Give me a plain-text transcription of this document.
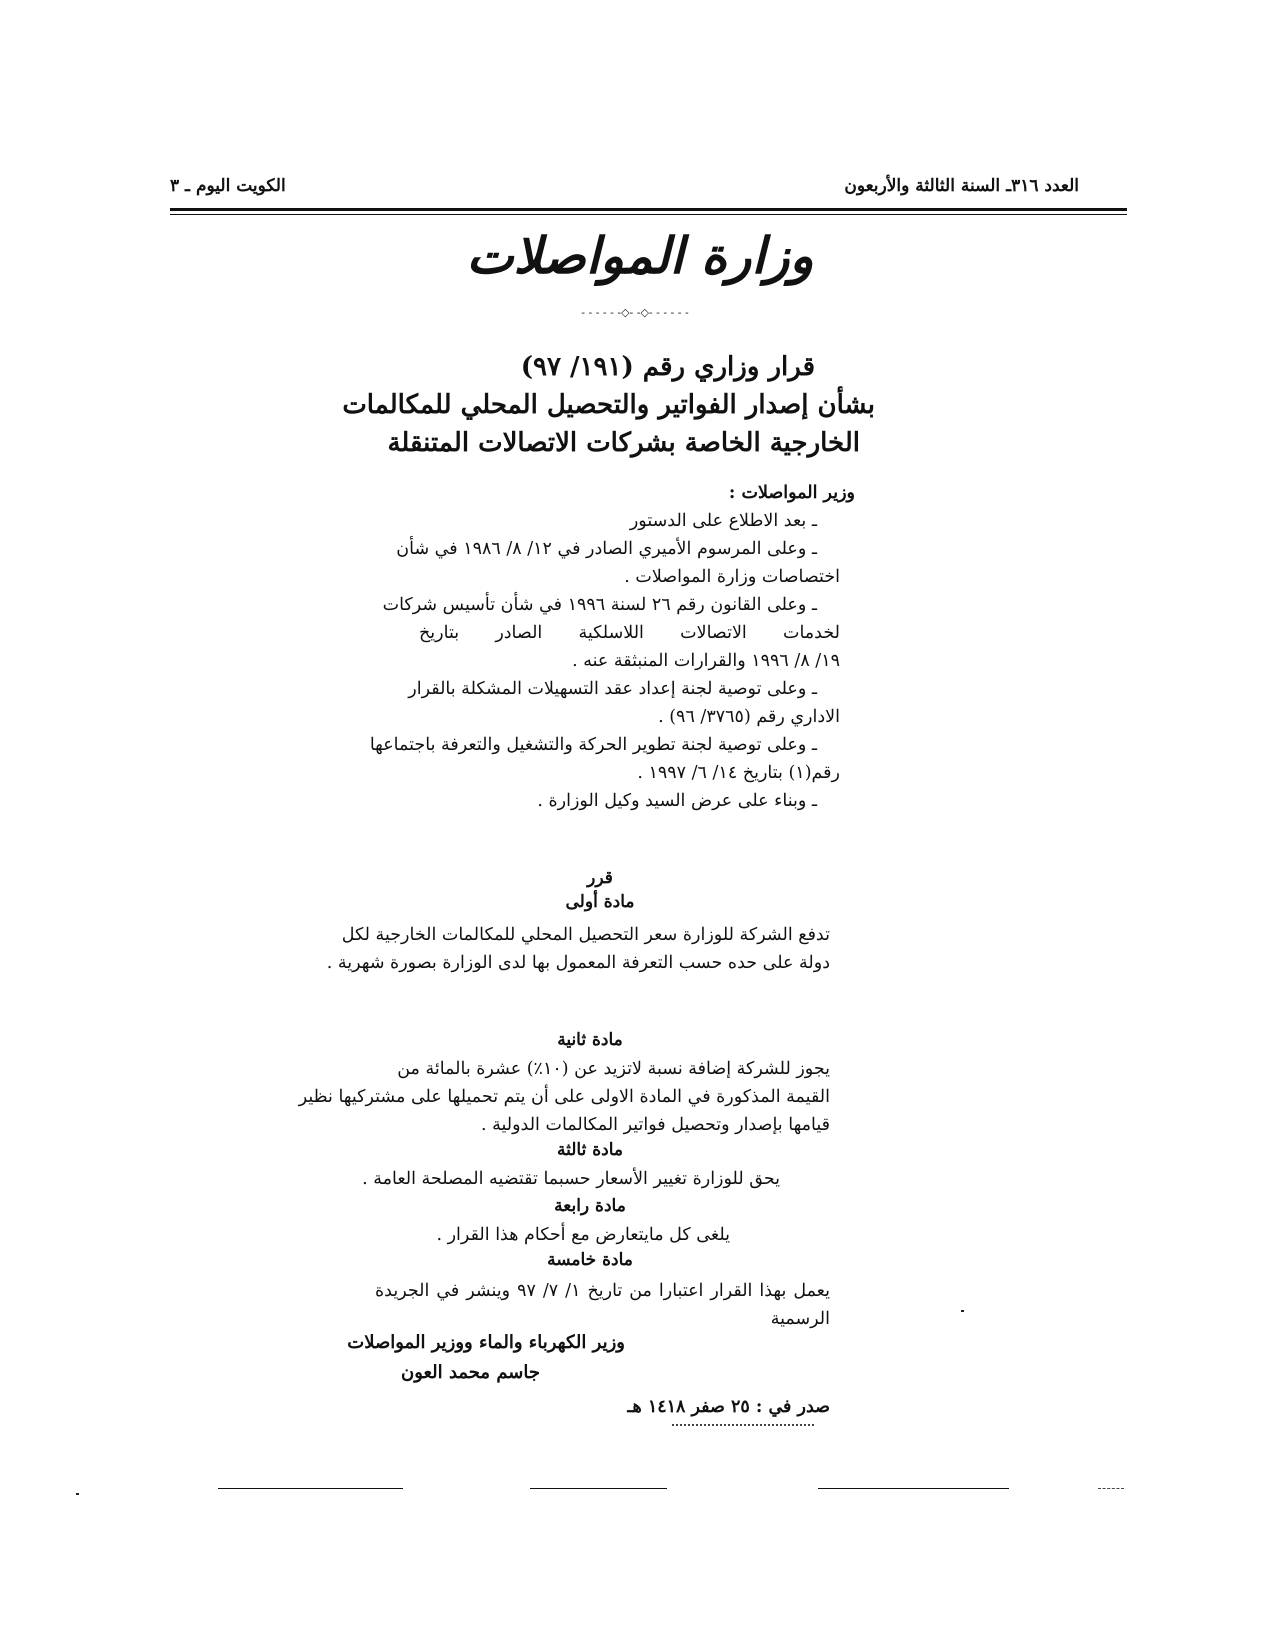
العدد ٣١٦ـ السنة الثالثة والأربعون
الكويت اليوم ـ ٣
وزارة المواصلات
- - - - - -◇- -◇- - - - - -
قرار وزاري رقم (١٩١/ ٩٧)
بشأن إصدار الفواتير والتحصيل المحلي للمكالمات
الخارجية الخاصة بشركات الاتصالات المتنقلة
وزير المواصلات :
ـ بعد الاطلاع على الدستور
ـ وعلى المرسوم الأميري الصادر في ١٢/ ٨/ ١٩٨٦ في شأن
اختصاصات وزارة المواصلات .
ـ وعلى القانون رقم ٢٦ لسنة ١٩٩٦ في شأن تأسيس شركات
لخدمات الاتصالات اللاسلكية الصادر بتاريخ
١٩/ ٨/ ١٩٩٦ والقرارات المنبثقة عنه .
ـ وعلى توصية لجنة إعداد عقد التسهيلات المشكلة بالقرار
الاداري رقم (٣٧٦٥/ ٩٦) .
ـ وعلى توصية لجنة تطوير الحركة والتشغيل والتعرفة باجتماعها
رقم(١) بتاريخ ١٤/ ٦/ ١٩٩٧ .
ـ وبناء على عرض السيد وكيل الوزارة .
قرر
مادة أولى
تدفع الشركة للوزارة سعر التحصيل المحلي للمكالمات الخارجية لكل
دولة على حده حسب التعرفة المعمول بها لدى الوزارة بصورة شهرية .
مادة ثانية
يجوز للشركة إضافة نسبة لاتزيد عن (١٠٪) عشرة بالمائة من
القيمة المذكورة في المادة الاولى على أن يتم تحميلها على مشتركيها نظير
قيامها بإصدار وتحصيل فواتير المكالمات الدولية .
مادة ثالثة
يحق للوزارة تغيير الأسعار حسبما تقتضيه المصلحة العامة .
مادة رابعة
يلغى كل مايتعارض مع أحكام هذا القرار .
مادة خامسة
يعمل بهذا القرار اعتبارا من تاريخ ١/ ٧/ ٩٧ وينشر في الجريدة
الرسمية
وزير الكهرباء والماء ووزير المواصلات
جاسم محمد العون
صدر في : ٢٥ صفر ١٤١٨ هـ
